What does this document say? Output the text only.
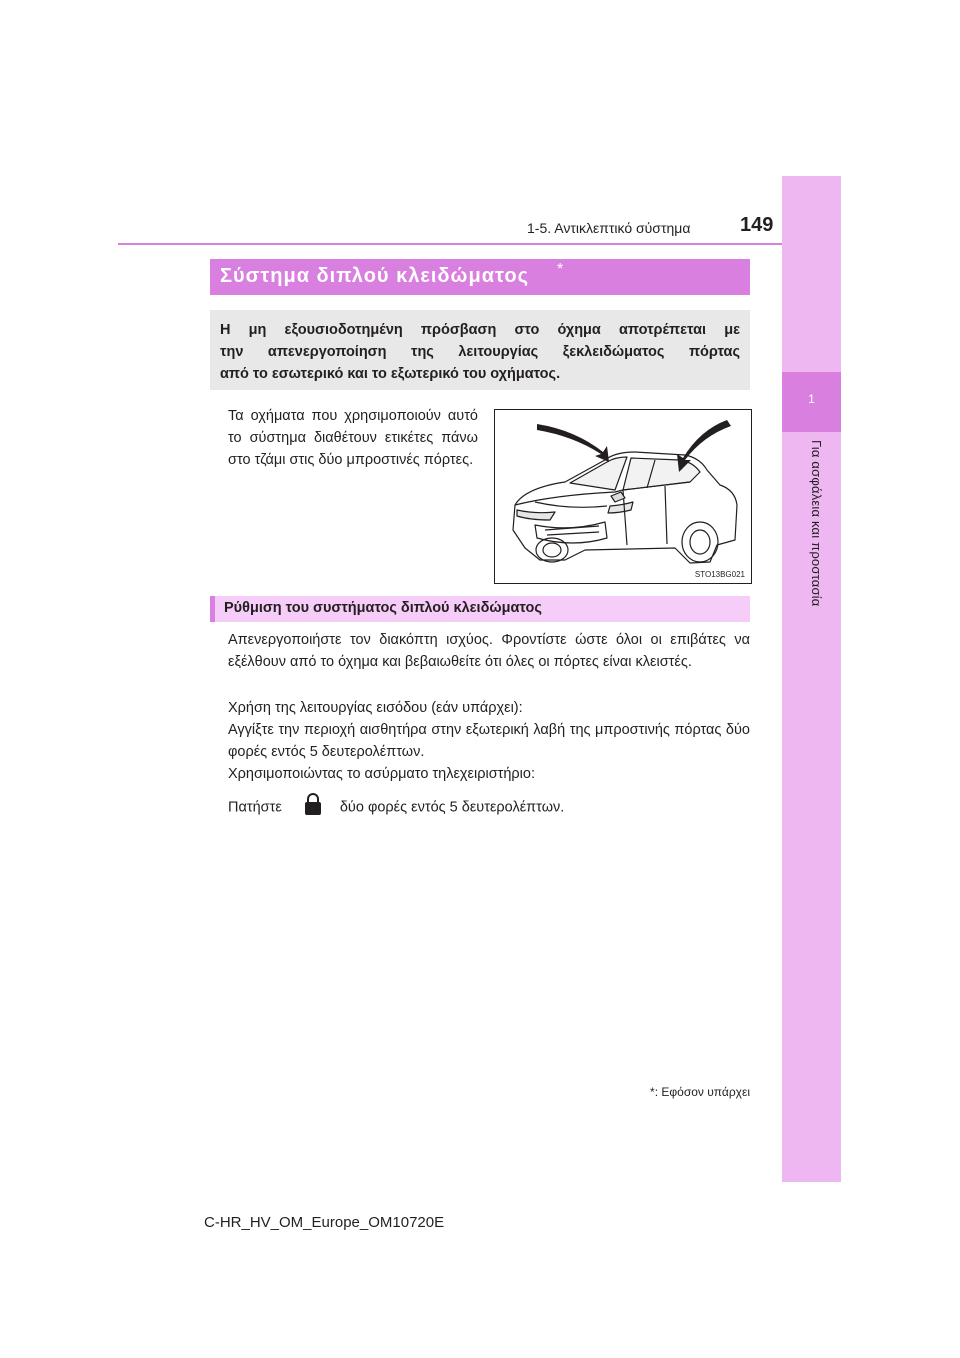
1
Για ασφάλεια και προστασία
1-5. Αντικλεπτικό σύστημα 149
Σύστημα διπλού κλειδώματος *

Η μη εξουσιοδοτημένη πρόσβαση στο όχημα αποτρέπεται με

την απενεργοποίηση της λειτουργίας ξεκλειδώματος πόρτας

από το εσωτερικό και το εξωτερικό του οχήματος.

Τα οχήματα που χρησιμοποιούν αυτό το σύστημα διαθέτουν ετικέτες πάνω στο τζάμι στις δύο μπροστινές πόρτες.
STO13BG021
Ρύθμιση του συστήματος διπλού κλειδώματος
Απενεργοποιήστε τον διακόπτη ισχύος. Φροντίστε ώστε όλοι οι επιβάτες να εξέλθουν από το όχημα και βεβαιωθείτε ότι όλες οι πόρτες είναι κλειστές.
Χρήση της λειτουργίας εισόδου (εάν υπάρχει):
Αγγίξτε την περιοχή αισθητήρα στην εξωτερική λαβή της μπροστινής πόρτας δύο φορές εντός 5 δευτερολέπτων.
Χρησιμοποιώντας το ασύρματο τηλεχειριστήριο:
Πατήστε	δύο φορές εντός 5 δευτερολέπτων.
*: Εφόσον υπάρχει
C-HR_HV_OM_Europe_OM10720E
